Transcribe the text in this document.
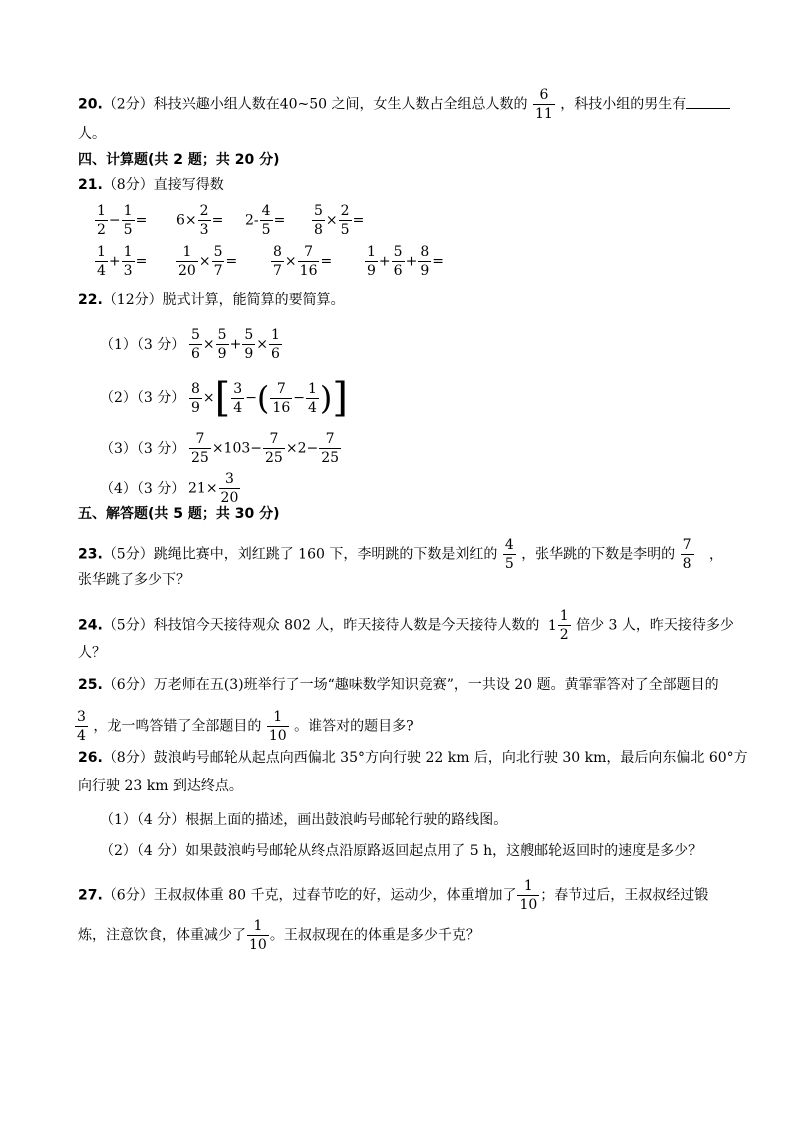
20.（2分）科技兴趣小组人数在40~50 之间，女生人数占全组总人数的 $\frac{6}{11}$ ，科技小组的男生有
人。
四、计算题(共 2 题；共 20 分)
21.（8分）直接写得数
$\frac{1}{2} - \frac{1}{5} = 6\times \frac{2}{3} = 2- \frac{4}{5} = \frac{5}{8} \times \frac{2}{5}$ =
$\frac{1}{4} + \frac{1}{3} = \frac{1}{20} \times \frac{5}{7} = \frac{8}{7} \times \frac{7}{16} = \frac{1}{9} + \frac{5}{6} + \frac{8}{9}$ =
22.（12分）脱式计算，能简算的要简算。
（1）（3 分） $\frac{5}{6} \times \frac{5}{9} + \frac{5}{9} \times \frac{1}{6}$
（2）（3 分） $\frac{8}{9}$ ×[ $\frac{3}{4}$ −( $\frac{7}{16} - \frac{1}{4}$ )]
（3）（3 分） $\frac{7}{25} \times 103- \frac{7}{25} \times 2- \frac{7}{25}$
（4）（3 分） $21\times \frac{3}{20}$
五、解答题(共 5 题；共 30 分)
23.（5分）跳绳比赛中，刘红跳了 160 下，李明跳的下数是刘红的 $\frac{4}{5}$ ，张华跳的下数是李明的 $\frac{7}{8}$ ，
张华跳了多少下？
24.（5分）科技馆今天接待观众 802 人，昨天接待人数是今天接待人数的 $1 \frac{1}{2}$ 倍少 3 人，昨天接待多少
人？
25.（6分）万老师在五(3)班举行了一场“趣味数学知识竞赛”，一共设 20 题。黄霏霏答对了全部题目的
$\frac{3}{4}$ ，龙一鸣答错了全部题目的 $\frac{1}{10}$ 。谁答对的题目多?
26.（8分）鼓浪屿号邮轮从起点向西偏北 35°方向行驶 22 km 后，向北行驶 30 km，最后向东偏北 60°方
向行驶 23 km 到达终点。
（1）（4 分）根据上面的描述，画出鼓浪屿号邮轮行驶的路线图。
（2）（4 分）如果鼓浪屿号邮轮从终点沿原路返回起点用了 5 h，这艘邮轮返回时的速度是多少？
27.（6分）王叔叔体重 80 千克，过春节吃的好，运动少，体重增加了 $\frac{1}{10}$ ；春节过后，王叔叔经过锻
炼，注意饮食，体重减少了 $\frac{1}{10}$ 。王叔叔现在的体重是多少千克？
